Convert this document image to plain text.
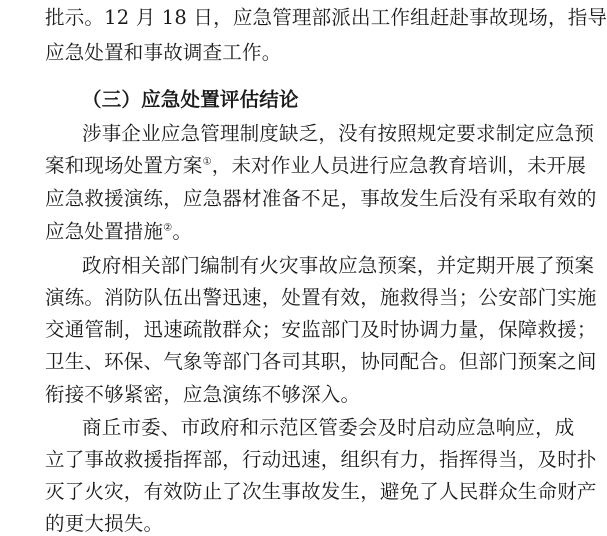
批示。12 月 18 日，应急管理部派出工作组赶赴事故现场，指导
应急处置和事故调查工作。
（三）应急处置评估结论
涉事企业应急管理制度缺乏，没有按照规定要求制定应急预
案和现场处置方案①，未对作业人员进行应急教育培训，未开展
应急救援演练，应急器材准备不足，事故发生后没有采取有效的
应急处置措施②。
政府相关部门编制有火灾事故应急预案，并定期开展了预案
演练。消防队伍出警迅速，处置有效，施救得当；公安部门实施
交通管制，迅速疏散群众；安监部门及时协调力量，保障救援；
卫生、环保、气象等部门各司其职，协同配合。但部门预案之间
衔接不够紧密，应急演练不够深入。
商丘市委、市政府和示范区管委会及时启动应急响应，成
立了事故救援指挥部，行动迅速，组织有力，指挥得当，及时扑
灭了火灾，有效防止了次生事故发生，避免了人民群众生命财产
的更大损失。
